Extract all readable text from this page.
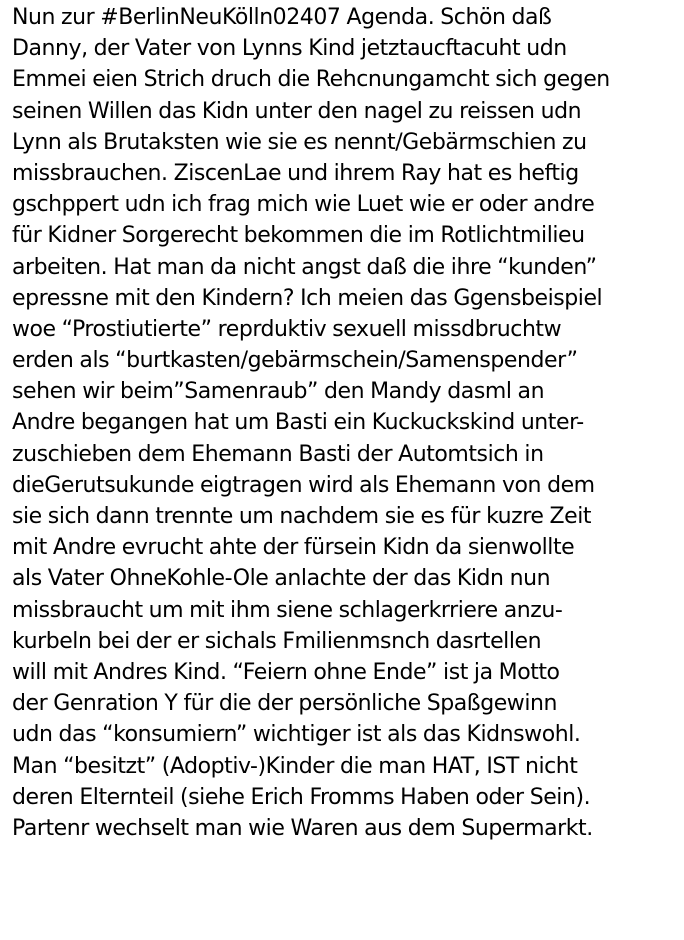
Nun zur #BerlinNeuKölln02407 Agenda. Schön daß
Danny, der Vater von Lynns Kind jetztaucftacuht udn
Emmei eien Strich druch die Rehcnungamcht sich gegen
seinen Willen das Kidn unter den nagel zu reissen udn
Lynn als Brutaksten wie sie es nennt/Gebärmschien zu
missbrauchen. ZiscenLae und ihrem Ray hat es heftig
gschppert udn ich frag mich wie Luet wie er oder andre
für Kidner Sorgerecht bekommen die im Rotlichtmilieu
arbeiten. Hat man da nicht angst daß die ihre “kunden”
epressne mit den Kindern? Ich meien das Ggensbeispiel
woe “Prostiutierte” reprduktiv sexuell missdbruchtw
erden als “burtkasten/gebärmschein/Samenspender”
sehen wir beim”Samenraub” den Mandy dasml an
Andre begangen hat um Basti ein Kuckuckskind unter-
zuschieben dem Ehemann Basti der Automtsich in
dieGerutsukunde eigtragen wird als Ehemann von dem
sie sich dann trennte um nachdem sie es für kuzre Zeit
mit Andre evrucht ahte der fürsein Kidn da sienwollte
als Vater OhneKohle-Ole anlachte der das Kidn nun
missbraucht um mit ihm siene schlagerkrriere anzu-
kurbeln bei der er sichals Fmilienmsnch dasrtellen
will mit Andres Kind. “Feiern ohne Ende” ist ja Motto
der Genration Y für die der persönliche Spaßgewinn
udn das “konsumiern” wichtiger ist als das Kidnswohl.
Man “besitzt” (Adoptiv-)Kinder die man HAT, IST nicht
deren Elternteil (siehe Erich Fromms Haben oder Sein).
Partenr wechselt man wie Waren aus dem Supermarkt.
